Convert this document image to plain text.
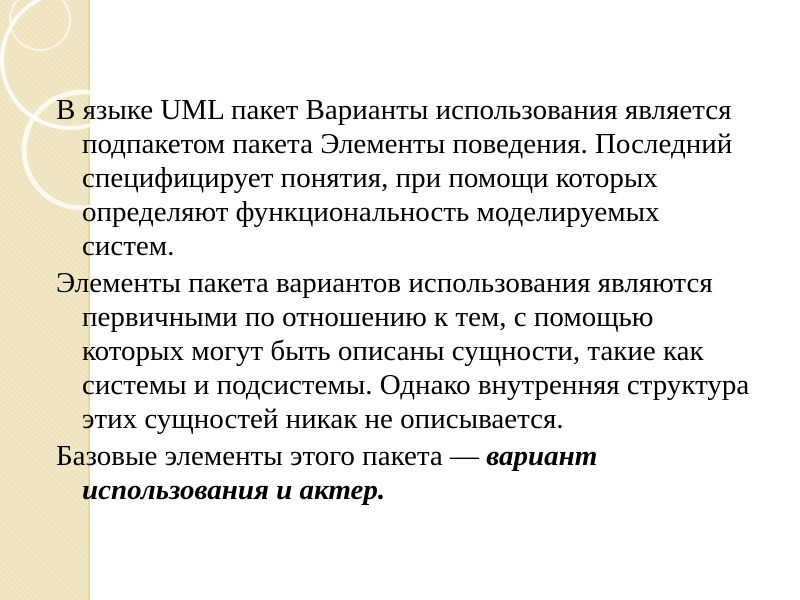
В языке UML пакет Варианты использования является подпакетом пакета Элементы поведения. Последний специфицирует понятия, при помощи которых определяют функциональность моделируемых систем.

Элементы пакета вариантов использования являются первичными по отношению к тем, с помощью которых могут быть описаны сущности, такие как системы и подсистемы. Однако внутренняя структура этих сущностей никак не описывается.

Базовые элементы этого пакета — вариант использования и актер.
